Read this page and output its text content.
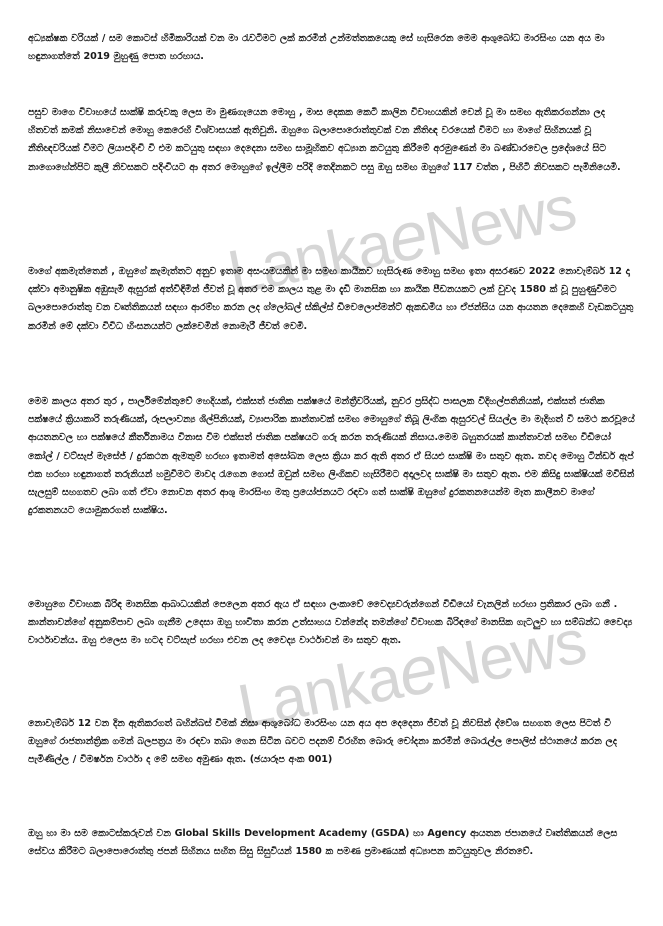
LankaeNews
LankaeNews

අධ්‍යක්ෂක වරියක් / සම කොටස් හිමිකාරියක් වන මා රැවටීමට ලක් කරමින් උන්මත්තකයෙකු සේ හැසිරෙන මෙම ආශුබෝධ මාරසිංහ යන අය මා හඳුනාගත්තේ 2019 මුහුණු පොත හරහාය.

පසුව මාගෙ විවාහයේ සාක්ෂි කරුවකු ලෙස මා මුණගැයෙන මොහු , මාස දෙකක කෙටි කාලින විවාහයකින් වෙන් වූ මා සමඟ ඇතිකරගන්නා ලද හිතවත් කමක් නිසාවෙන් මොහු කෙරෙහි විශ්වාසයක් ඇතිවුනි. ඔහුගෙ බලාපොරොත්තුවක් වන නීතිඥ වරයෙක් වීමට හා මාගේ සිහිනයක් වූ නීතිඥවරියක් වීමට ලියාපදිංචි වී එම කටයුතු සඳහා දෙදෙනා සමඟ සාමූහිකව අධ්‍යාන කටයුතු කිරීමේ අරමුණෙන් මා බණ්ඩාරවෙල ප්‍රදේශයේ සිට නාගොහේන්පිට කුලී නිවසකට පදිංචියට ආ අතර මොහුගේ ඉල්ලීම පරිදි තෙදිනකට පසු ඔහු සමඟ ඔහුගේ 117 වත්ත , පිහිටි නිවසකට පැමිනියෙමි.

මාගේ අකමැත්තෙන් , ඔහුගේ කැමැත්තට අනුව ඉතාම අසංයමයකින් මා සමඟ කායිකව හැසිරුණ මොහු සමඟ ඉතා අසරණව 2022 නොවැම්බර් 12 දා දක්වා අමානුෂික අඹුසැමි ඇසුරක් අත්විඳිමින් ජීවත් වූ අතර එම කාලය තුළ මා දැඩි මානසික හා කායික පීඩනයකට ලක් වුවද 1580 ක් වූ පුහුණුවීමට බලාපොරොත්තු වන වෘත්තිකයන් සඳහා ආරම්භ කරන ලද ග්ලෝබල් ස්කිල්ස් ඩිවෙලොප්මන්ට් ඇකඩමිය හා ඒජන්සිය යන ආයතන දෙකෙහි වැඩකටයුතු කරමින් මේ දක්වා විවිධ හිංසනයන්ට ලක්වෙමින් නොමැරී ජීවත් වෙමි.

මෙම කාලය අතර තුර , පාර්ලිමේන්තුවේ හෙදියක්, එක්සත් ජාතික පක්ෂයේ මන්ත්‍රීවරියක්, නුවර ප්‍රසිද්ධ පාසලක විදිහල්පතිනියක්, එක්සත් ජාතික පක්ෂයේ ක්‍රියාකාරි තරුණියක්, රූපලාවන්‍ය ශිල්පිනියක්, ව්‍යාපාරික කාන්තාවක් සමඟ මොහුගේ තිබූ ලිංගික ඇසුරවල් සියල්ල මා මැදිහත් වී සමථ කරවූයේ ආයතනවල හා පක්ෂයේ කීර්තිනාමය විනාස වීම එක්සත් ජාතික පක්ෂයට ගරු කරන තරුණියක් නිසාය.මෙම බහුතරයක් කාන්තාවන් සමඟ වීඩියෝ කෝල් / වට්සැප් මැසේජ් / දුරකථන ඇමතුම් හරහා ඉතාමත් අසෝබන ලෙස ක්‍රියා කර ඇති අතර ඒ සියළු සාක්ෂි මා සතුව ඇත. තවද මොහු ටින්ඩර් ඇප් එක හරහා හඳුනාගත් තරුනියන් හමුවීමට මාවද රැගෙන ගොස් ඔවුන් සමඟ ලිංගිකව හැසිරීමට අදාලවද සාක්ෂි මා සතුව ඇත. එම කිසිදු සාක්ෂියක් මවිසින් සැලසුම් සහගතව ලබා ගත් ඒවා නොවන අතර ආශු මාරසිංහ මතු ප්‍රයෝජනයට රඳවා ගත් සාක්ෂි ඔහුගේ දුරකතනයෙන්ම මෑත කාලීනව මාගේ දුරකතනයට යොමුකරගත් සාක්ෂිය.

මොහුගෙ විවාහක බිරිඳ මානසික ආබාධයකින් පෙලෙන අතර ඇය ඒ සඳහා ලංකාවේ වෛද්‍යවරුන්ගෙන් වීඩියෝ චැනලින් හරහා ප්‍රතිකාර ලබා ගනී . කාන්තාවන්ගේ අනුකම්පාව ලබා ගැනීම උදෙසා ඔහු භාවිතා කරන උත්සාහය වන්නේද තමන්ගේ විවාහක බිරිඳගේ මානසික ගැටලුව හා සම්බන්ධ වෛද්‍ය වාර්ථාවන්ය. ඔහු එලෙස මා හටද වට්සැප් හරහා එවන ලද වෛද්‍ය වාර්ථාවන් මා සතුව ඇත.

නොවැම්බර් 12 වන දින ඇතිකරගත් බහින්බස් වීමක් නිසා ආශුබෝධ මාරසිංහ යන අය අප දෙදෙනා ජීවත් වූ නිවසින් ද්වේශ සහගත ලෙස පිටත් වී ඔහුගේ රාජතාන්ත්‍රික ගමන් බලපත්‍රය මා රඳවා තබා ගෙන සිටින බවට පදනම් විරහිත බොරු චෝදනා කරමින් බොරැල්ල පොලිස් ස්ථානයේ කරන ලද පැමිණිල්ල / විමර්ෂන වාර්ථා ද මේ සමඟ අමුණා ඇත. (ඡයාරූප අංක 001)

ඔහු හා මා සම කොටස්කරුවන් වන Global Skills Development Academy (GSDA) හා Agency ආයතන ජපානයේ වෘත්තිකයන් ලෙස සේවය කිරීමට බලාපොරොත්තු ජපන් සිහිනය සහිත සිසු සිසුවියන් 1580 ක පමණ ප්‍රමාණයක් අධ්‍යාපන කටයුතුවල නිරතවේ.
